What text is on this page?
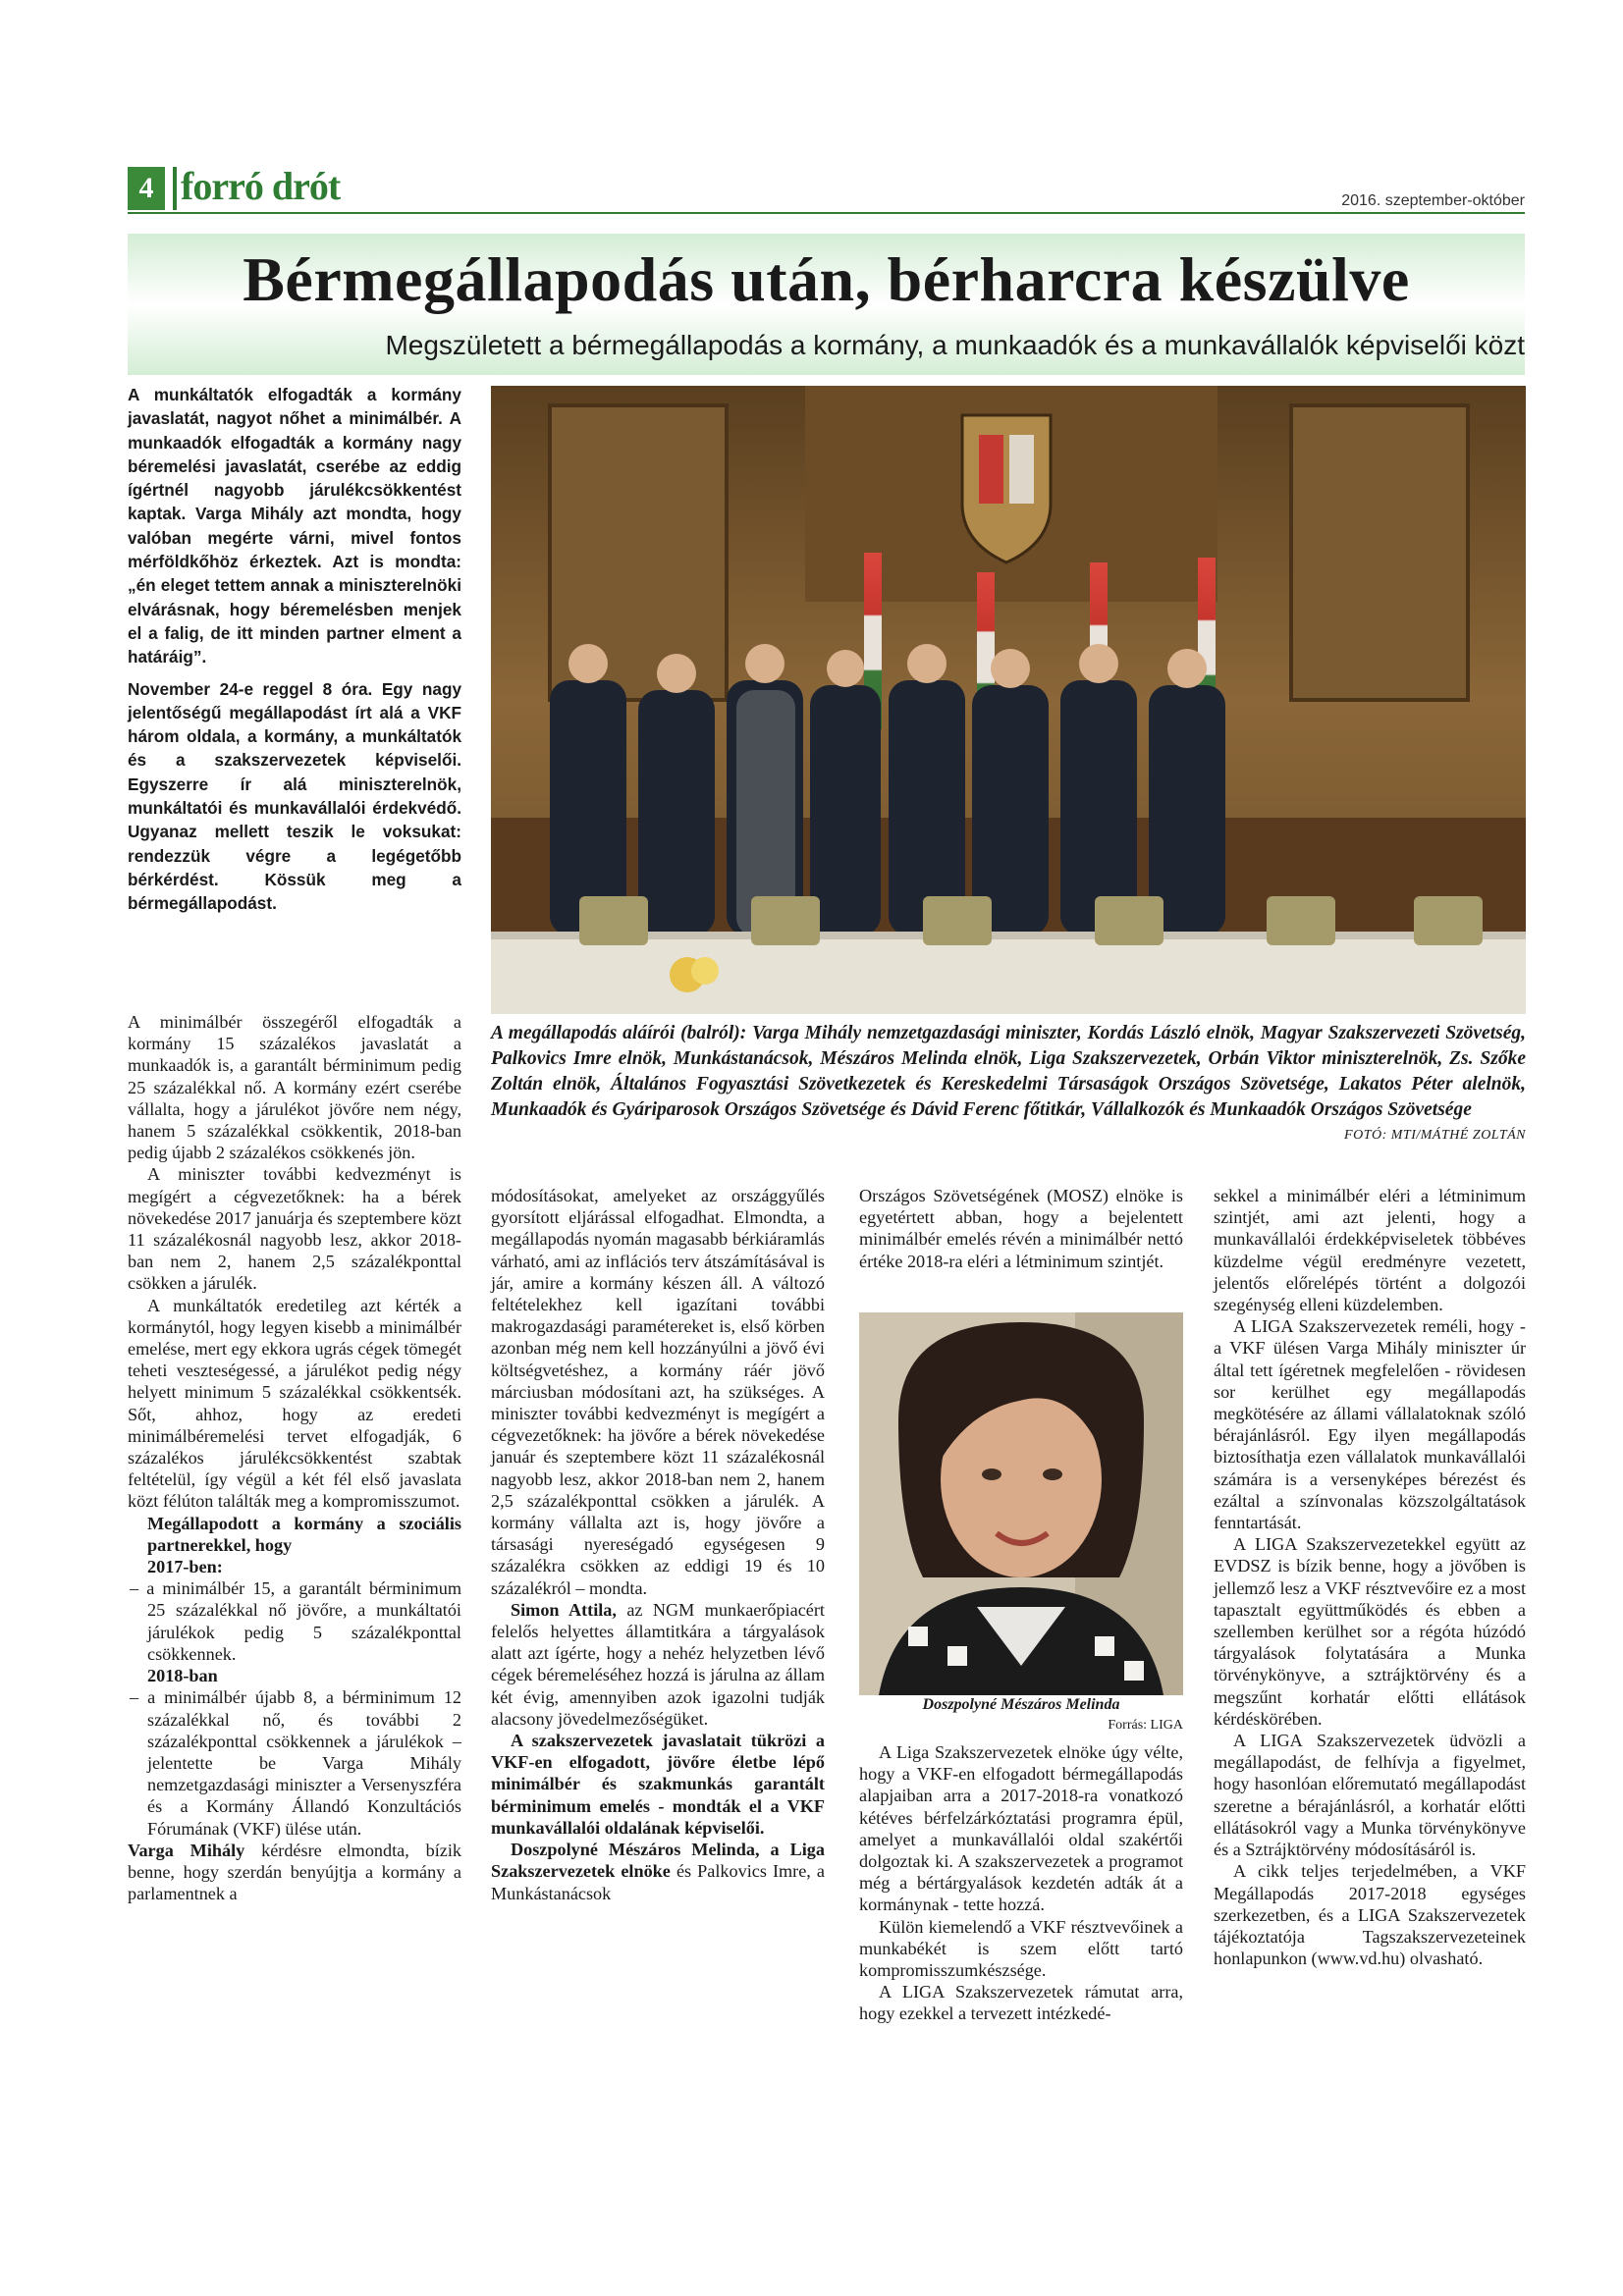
4 forró drót	2016. szeptember-október
Bérmegállapodás után, bérharcra készülve
Megszületett a bérmegállapodás a kormány, a munkaadók és a munkavállalók képviselői közt

A munkáltatók elfogadták a kormány javaslatát, nagyot nőhet a minimálbér. A munkaadók elfogadták a kormány nagy béremelési javaslatát, cserébe az eddig ígértnél nagyobb járulékcsökkentést kaptak. Varga Mihály azt mondta, hogy valóban megérte várni, mivel fontos mérföldkőhöz érkeztek. Azt is mondta: „én eleget tettem annak a miniszterelnöki elvárásnak, hogy béremelésben menjek el a falig, de itt minden partner elment a határáig”.

November 24-e reggel 8 óra. Egy nagy jelentőségű megállapodást írt alá a VKF három oldala, a kormány, a munkáltatók és a szakszervezetek képviselői. Egyszerre ír alá miniszterelnök, munkáltatói és munkavállalói érdekvédő. Ugyanaz mellett teszik le voksukat: rendezzük végre a legégetőbb bérkérdést. Kössük meg a bérmegállapodást.

A megállapodás aláírói (balról): Varga Mihály nemzetgazdasági miniszter, Kordás László elnök, Magyar Szakszervezeti Szövetség, Palkovics Imre elnök, Munkástanácsok, Mészáros Melinda elnök, Liga Szakszervezetek, Orbán Viktor miniszterelnök, Zs. Szőke Zoltán elnök, Általános Fogyasztási Szövetkezetek és Kereskedelmi Társaságok Országos Szövetsége, Lakatos Péter alelnök, Munkaadók és Gyáriparosok Országos Szövetsége és Dávid Ferenc főtitkár, Vállalkozók és Munkaadók Országos Szövetsége
FOTÓ: MTI/MÁTHÉ ZOLTÁN

A minimálbér összegéről elfogadták a kormány 15 százalékos javaslatát a munkaadók is, a garantált bérminimum pedig 25 százalékkal nő. A kormány ezért cserébe vállalta, hogy a járulékot jövőre nem négy, hanem 5 százalékkal csökkentik, 2018-ban pedig újabb 2 százalékos csökkenés jön.

A miniszter további kedvezményt is megígért a cégvezetőknek: ha a bérek növekedése 2017 januárja és szeptembere közt 11 százalékosnál nagyobb lesz, akkor 2018-ban nem 2, hanem 2,5 százalékponttal csökken a járulék.

A munkáltatók eredetileg azt kérték a kormánytól, hogy legyen kisebb a minimálbér emelése, mert egy ekkora ugrás cégek tömegét teheti veszteségessé, a járulékot pedig négy helyett minimum 5 százalékkal csökkentsék. Sőt, ahhoz, hogy az eredeti minimálbéremelési tervet elfogadják, 6 százalékos járulékcsökkentést szabtak feltételül, így végül a két fél első javaslata közt félúton találták meg a kompromisszumot.

Megállapodott a kormány a szociális partnerekkel, hogy

2017-ben:

– a minimálbér 15, a garantált bérminimum 25 százalékkal nő jövőre, a munkáltatói járulékok pedig 5 százalékponttal csökkennek.

2018-ban

– a minimálbér újabb 8, a bérminimum 12 százalékkal nő, és további 2 százalékponttal csökkennek a járulékok – jelentette be Varga Mihály nemzetgazdasági miniszter a Versenyszféra és a Kormány Állandó Konzultációs Fórumának (VKF) ülése után.

Varga Mihály kérdésre elmondta, bízik benne, hogy szerdán benyújtja a kormány a parlamentnek a

módosításokat, amelyeket az országgyűlés gyorsított eljárással elfogadhat. Elmondta, a megállapodás nyomán magasabb bérkiáramlás várható, ami az inflációs terv átszámításával is jár, amire a kormány készen áll. A változó feltételekhez kell igazítani további makrogazdasági paramétereket is, első körben azonban még nem kell hozzányúlni a jövő évi költségvetéshez, a kormány ráér jövő márciusban módosítani azt, ha szükséges. A miniszter további kedvezményt is megígért a cégvezetőknek: ha jövőre a bérek növekedése január és szeptembere közt 11 százalékosnál nagyobb lesz, akkor 2018-ban nem 2, hanem 2,5 százalékponttal csökken a járulék. A kormány vállalta azt is, hogy jövőre a társasági nyereségadó egységesen 9 százalékra csökken az eddigi 19 és 10 százalékról – mondta.

Simon Attila, az NGM munkaerőpiacért felelős helyettes államtitkára a tárgyalások alatt azt ígérte, hogy a nehéz helyzetben lévő cégek béremeléséhez hozzá is járulna az állam két évig, amennyiben azok igazolni tudják alacsony jövedelmezőségüket.

A szakszervezetek javaslatait tükrözi a VKF-en elfogadott, jövőre életbe lépő minimálbér és szakmunkás garantált bérminimum emelés - mondták el a VKF munkavállalói oldalának képviselői.

Doszpolyné Mészáros Melinda, a Liga Szakszervezetek elnöke és Palkovics Imre, a Munkástanácsok

Országos Szövetségének (MOSZ) elnöke is egyetértett abban, hogy a bejelentett minimálbér emelés révén a minimálbér nettó értéke 2018-ra eléri a létminimum szintjét.

Doszpolyné Mészáros Melinda
Forrás: LIGA

A Liga Szakszervezetek elnöke úgy vélte, hogy a VKF-en elfogadott bérmegállapodás alapjaiban arra a 2017-2018-ra vonatkozó kétéves bérfelzárkóztatási programra épül, amelyet a munkavállalói oldal szakértői dolgoztak ki. A szakszervezetek a programot még a bértárgyalások kezdetén adták át a kormánynak - tette hozzá.

Külön kiemelendő a VKF résztvevőinek a munkabékét is szem előtt tartó kompromisszumkészsége.

A LIGA Szakszervezetek rámutat arra, hogy ezekkel a tervezett intézkedé-

sekkel a minimálbér eléri a létminimum szintjét, ami azt jelenti, hogy a munkavállalói érdekképviseletek többéves küzdelme végül eredményre vezetett, jelentős előrelépés történt a dolgozói szegénység elleni küzdelemben.

A LIGA Szakszervezetek reméli, hogy - a VKF ülésen Varga Mihály miniszter úr által tett ígéretnek megfelelően - rövidesen sor kerülhet egy megállapodás megkötésére az állami vállalatoknak szóló bérajánlásról. Egy ilyen megállapodás biztosíthatja ezen vállalatok munkavállalói számára is a versenyképes bérezést és ezáltal a színvonalas közszolgáltatások fenntartását.

A LIGA Szakszervezetekkel együtt az EVDSZ is bízik benne, hogy a jövőben is jellemző lesz a VKF résztvevőire ez a most tapasztalt együttműködés és ebben a szellemben kerülhet sor a régóta húzódó tárgyalások folytatására a Munka törvénykönyve, a sztrájktörvény és a megszűnt korhatár előtti ellátások kérdéskörében.

A LIGA Szakszervezetek üdvözli a megállapodást, de felhívja a figyelmet, hogy hasonlóan előremutató megállapodást szeretne a bérajánlásról, a korhatár előtti ellátásokról vagy a Munka törvénykönyve és a Sztrájktörvény módosításáról is.

A cikk teljes terjedelmében, a VKF Megállapodás 2017-2018 egységes szerkezetben, és a LIGA Szakszervezetek tájékoztatója Tagszakszervezeteinek honlapunkon (www.vd.hu) olvasható.
